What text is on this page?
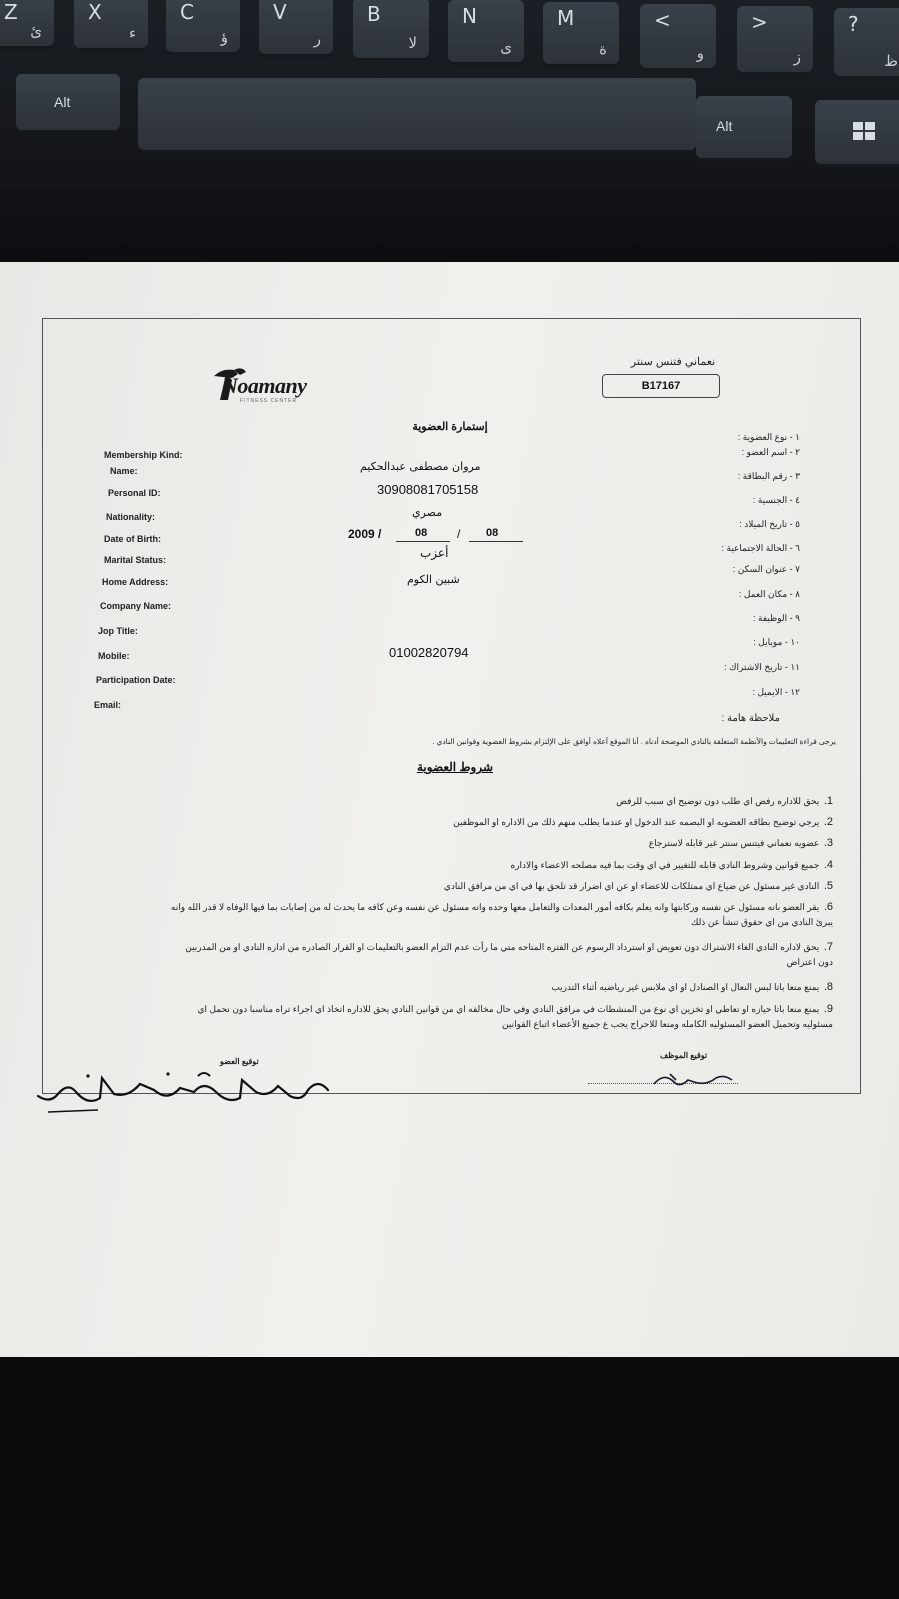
Z
ئ
X
ء
C
ؤ
V
ر
B
لا
N
ى
M
ة
<
و
>
ز
?
ظ
Alt
Alt
Noamany
FITNESS CENTER
نعماني فتنس سنتر
B17167
إستمارة العضوية
Membership Kind:
Name:
Personal ID:
Nationality:
Date of Birth:
Marital Status:
Home Address:
Company Name:
Jop Title:
Mobile:
Participation Date:
Email:
١ - نوع العضوية :
٢ - اسم العضو :
٣ - رقم البطاقة :
٤ - الجنسية :
٥ - تاريخ الميلاد :
٦ - الحالة الاجتماعية :
٧ - عنوان السكن :
٨ - مكان العمل :
٩ - الوظيفة :
١٠ - موبايل :
١١ - تاريخ الاشتراك :
١٢ - الايميل :
مروان مصطفى عبدالحكيم
30908081705158
مصري
2009 /	08 / 08
أعزب
شبين الكوم
01002820794
ملاحظة هامة :
يرجى قراءة التعليمات والأنظمة المتعلقة بالنادي الموضحة أدناه . أنا الموقع أعلاه أوافق على الإلتزام بشروط العضوية وقوانين النادي .
شروط العضوية
1. يحق للاداره رفض اي طلب دون توضيح اي سبب للرفض
2. يرجي توضيح بطاقه العضويه او البصمه عند الدخول او عندما يطلب منهم ذلك من الاداره او الموظفين
3. عضويه نعماني فيتنس سنتر غير قابله لاسترجاع
4. جميع قوانين وشروط النادي قابله للتغيير في اي وقت بما فيه مصلحه الاعضاء والاداره
5. النادي غير مسئول عن ضياع اي ممتلكات للاعضاء او عن اي اضرار قد تلحق بها في اي من مرافق النادي
6. يقر العضو بانه مسئول عن نفسه وركابتها وانه يعلم بكافه أمور المعدات والتعامل معها وحده وانه مسئول عن نفسه وعن كافه ما يحدث له من إصابات بما فيها الوفاه لا قدر الله وانه
يبرئ النادي من اي حقوق تنشأ عن ذلك
7. يحق لاداره النادي الغاء الاشتراك دون تعويض او استرداد الرسوم عن الفتره المتاحه متي ما رأت عدم التزام العضو بالتعليمات او القرار الصادره من اداره النادي او من المدربين
دون اعتراض
8. يمنع منعا باتا لبس النعال او الصنادل او اي ملابس غير رياضيه أثناء التدريب
9. يمنع منعا باتا حيازه او تعاطي او تخزين اي نوع من المنشطات في مرافق النادي وفي حال مخالفه اي من قوانين النادي يحق للاداره اتخاذ اي اجراء تراه مناسبا دون تحمل اي
مسئوليه وتحميل العضو المسئوليه الكامله ومنعا للاحراج يجب ع جميع الأعضاء اتباع القوانين
توقيع الموظف
توقيع العضو
